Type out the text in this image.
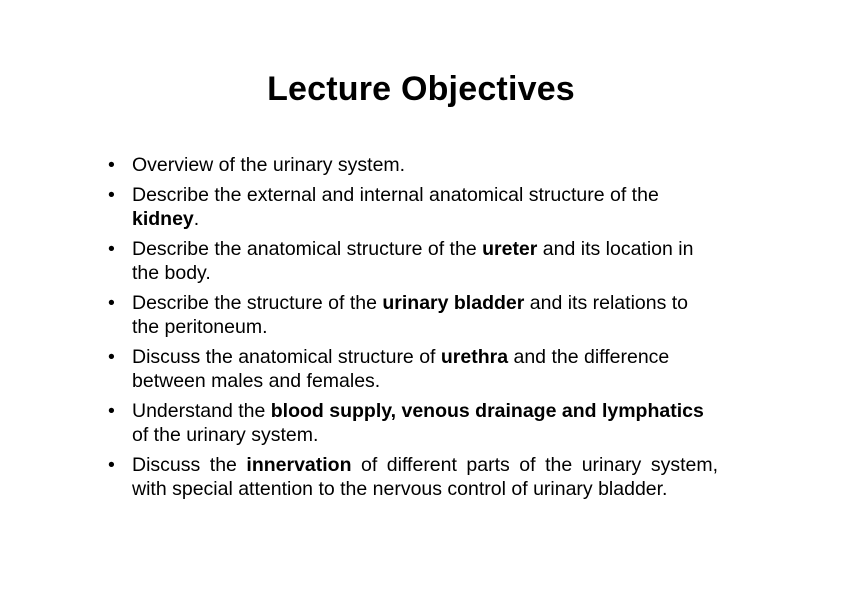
Lecture Objectives
• Overview of the urinary system.
• Describe the external and internal anatomical structure of the kidney.
• Describe the anatomical structure of the ureter and its location in the body.
• Describe the structure of the urinary bladder and its relations to the peritoneum.
• Discuss the anatomical structure of urethra and the difference between males and females.
• Understand the blood supply, venous drainage and lymphatics of the urinary system.
• Discuss the innervation of different parts of the urinary system, with special attention to the nervous control of urinary bladder.
